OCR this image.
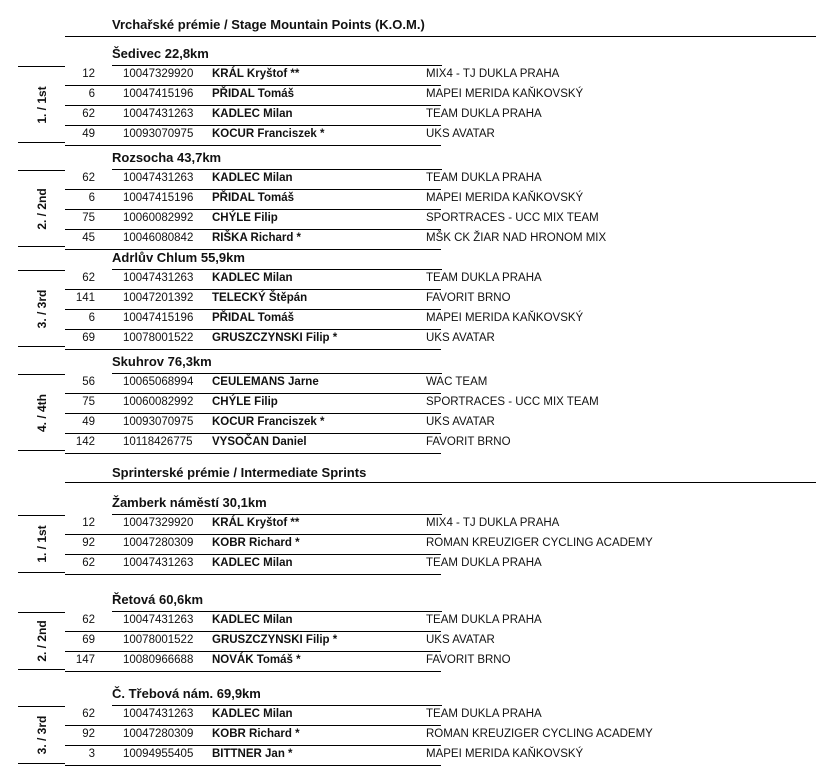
Vrchařské prémie / Stage Mountain Points (K.O.M.)
Sprinterské prémie / Intermediate Sprints
Šedivec 22,8km
1. / 1st
12 10047329920 KRÁL Kryštof **	MIX4 - TJ DUKLA PRAHA
6 10047415196 PŘIDAL Tomáš	MAPEI MERIDA KAŇKOVSKÝ
62 10047431263 KADLEC Milan	TEAM DUKLA PRAHA
49 10093070975 KOCUR Franciszek *	UKS AVATAR
Rozsocha 43,7km
2. / 2nd
62 10047431263 KADLEC Milan	TEAM DUKLA PRAHA
6 10047415196 PŘIDAL Tomáš	MAPEI MERIDA KAŇKOVSKÝ
75 10060082992 CHÝLE Filip	SPORTRACES - UCC MIX TEAM
45 10046080842 RIŠKA Richard *	MŠK CK ŽIAR NAD HRONOM MIX
Adrlův Chlum 55,9km
3. / 3rd
62 10047431263 KADLEC Milan	TEAM DUKLA PRAHA
141 10047201392 TELECKÝ Štěpán	FAVORIT BRNO
6 10047415196 PŘIDAL Tomáš	MAPEI MERIDA KAŇKOVSKÝ
69 10078001522 GRUSZCZYNSKI Filip *	UKS AVATAR
Skuhrov 76,3km
4. / 4th
56 10065068994 CEULEMANS Jarne	WAC TEAM
75 10060082992 CHÝLE Filip	SPORTRACES - UCC MIX TEAM
49 10093070975 KOCUR Franciszek *	UKS AVATAR
142 10118426775 VYSOČAN Daniel	FAVORIT BRNO
Žamberk náměstí 30,1km
1. / 1st
12 10047329920 KRÁL Kryštof **	MIX4 - TJ DUKLA PRAHA
92 10047280309 KOBR Richard *	ROMAN KREUZIGER CYCLING ACADEMY
62 10047431263 KADLEC Milan	TEAM DUKLA PRAHA
Řetová 60,6km
2. / 2nd
62 10047431263 KADLEC Milan	TEAM DUKLA PRAHA
69 10078001522 GRUSZCZYNSKI Filip *	UKS AVATAR
147 10080966688 NOVÁK Tomáš *	FAVORIT BRNO
Č. Třebová nám. 69,9km
3. / 3rd
62 10047431263 KADLEC Milan	TEAM DUKLA PRAHA
92 10047280309 KOBR Richard *	ROMAN KREUZIGER CYCLING ACADEMY
3 10094955405 BITTNER Jan *	MAPEI MERIDA KAŇKOVSKÝ
